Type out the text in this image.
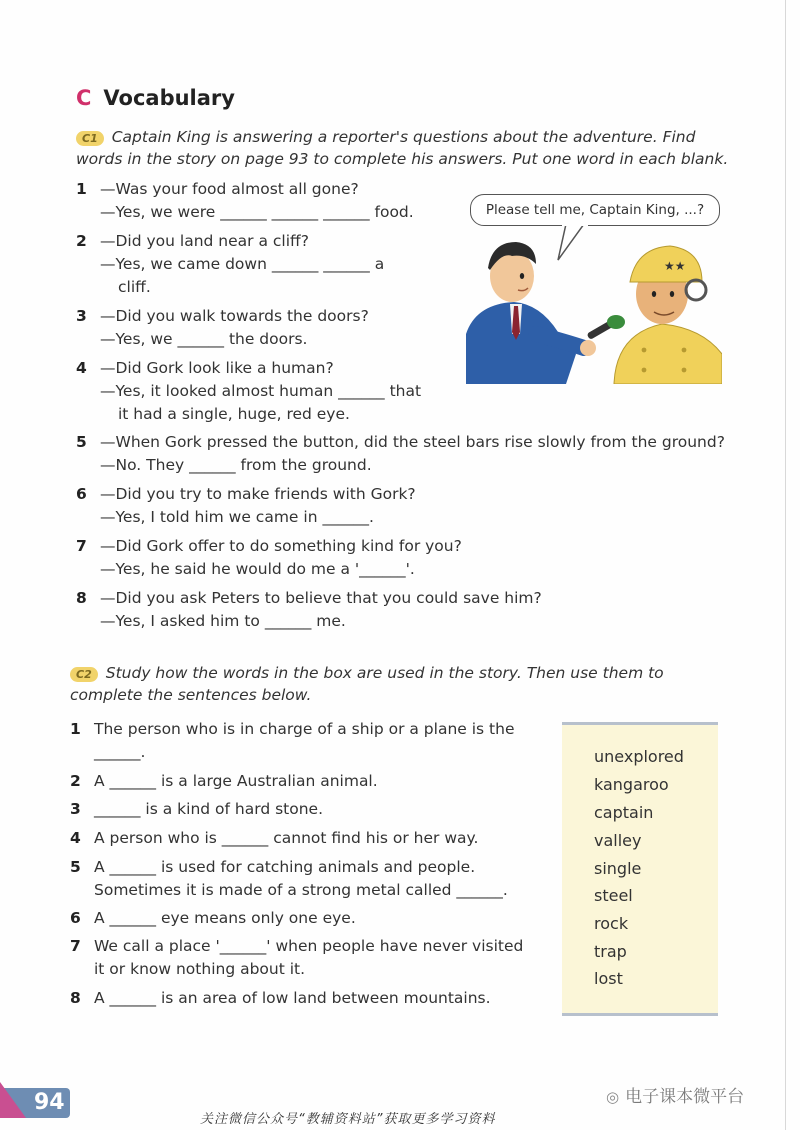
C Vocabulary
C1 Captain King is answering a reporter's questions about the adventure. Find words in the story on page 93 to complete his answers. Put one word in each blank.
1 —Was your food almost all gone?
—Yes, we were ______ ______ ______ food.
2 —Did you land near a cliff?
—Yes, we came down ______ ______ a
cliff.
3 —Did you walk towards the doors?
—Yes, we ______ the doors.
4 —Did Gork look like a human?
—Yes, it looked almost human ______ that
it had a single, huge, red eye.
5 —When Gork pressed the button, did the steel bars rise slowly from the ground?
—No. They ______ from the ground.
6 —Did you try to make friends with Gork?
—Yes, I told him we came in ______.
7 —Did Gork offer to do something kind for you?
—Yes, he said he would do me a '______'.
8 —Did you ask Peters to believe that you could save him?
—Yes, I asked him to ______ me.
Please tell me, Captain King, ...?
★★
C2 Study how the words in the box are used in the story. Then use them to complete the sentences below.
1 The person who is in charge of a ship or a plane is the
______.
2 A ______ is a large Australian animal.
3 ______ is a kind of hard stone.
4 A person who is ______ cannot find his or her way.
5 A ______ is used for catching animals and people.
Sometimes it is made of a strong metal called ______.
6 A ______ eye means only one eye.
7 We call a place '______' when people have never visited
it or know nothing about it.
8 A ______ is an area of low land between mountains.
unexplored
kangaroo
captain
valley
single
steel
rock
trap
lost
94
关注微信公众号“教辅资料站”获取更多学习资料
◎ 电子课本微平台
